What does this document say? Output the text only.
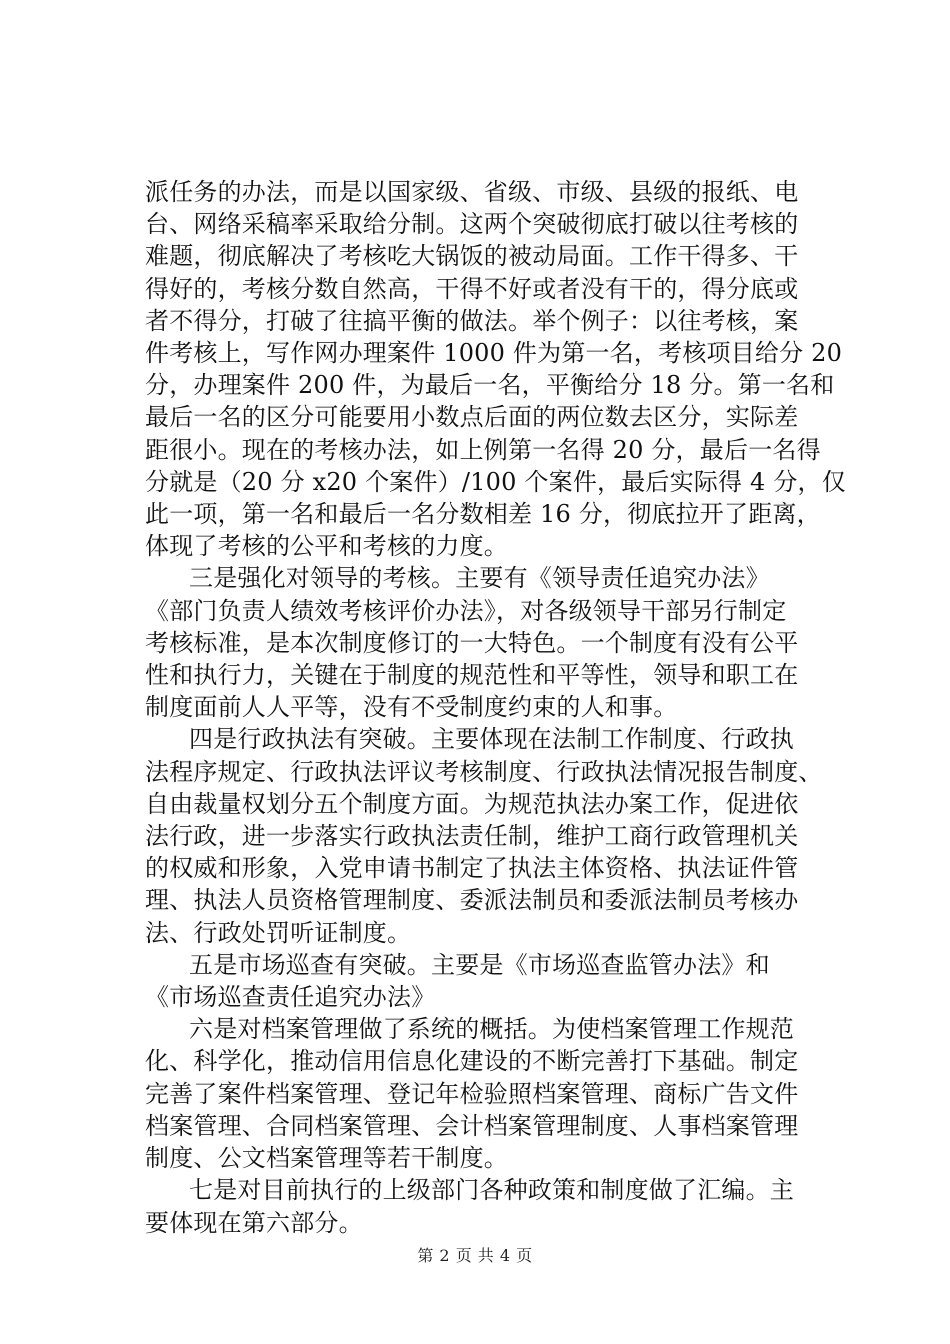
派任务的办法，而是以国家级、省级、市级、县级的报纸、电
台、网络采稿率采取给分制。这两个突破彻底打破以往考核的
难题，彻底解决了考核吃大锅饭的被动局面。工作干得多、干
得好的，考核分数自然高，干得不好或者没有干的，得分底或
者不得分，打破了往搞平衡的做法。举个例子：以往考核，案
件考核上，写作网办理案件 1000 件为第一名，考核项目给分 20
分，办理案件 200 件，为最后一名，平衡给分 18 分。第一名和
最后一名的区分可能要用小数点后面的两位数去区分，实际差
距很小。现在的考核办法，如上例第一名得 20 分，最后一名得
分就是（20 分 x20 个案件）/100 个案件，最后实际得 4 分，仅
此一项，第一名和最后一名分数相差 16 分，彻底拉开了距离，
体现了考核的公平和考核的力度。
三是强化对领导的考核。主要有《领导责任追究办法》
《部门负责人绩效考核评价办法》，对各级领导干部另行制定
考核标准，是本次制度修订的一大特色。一个制度有没有公平
性和执行力，关键在于制度的规范性和平等性，领导和职工在
制度面前人人平等，没有不受制度约束的人和事。
四是行政执法有突破。主要体现在法制工作制度、行政执
法程序规定、行政执法评议考核制度、行政执法情况报告制度、
自由裁量权划分五个制度方面。为规范执法办案工作，促进依
法行政，进一步落实行政执法责任制，维护工商行政管理机关
的权威和形象，入党申请书制定了执法主体资格、执法证件管
理、执法人员资格管理制度、委派法制员和委派法制员考核办
法、行政处罚听证制度。
五是市场巡查有突破。主要是《市场巡查监管办法》和
《市场巡查责任追究办法》
六是对档案管理做了系统的概括。为使档案管理工作规范
化、科学化，推动信用信息化建设的不断完善打下基础。制定
完善了案件档案管理、登记年检验照档案管理、商标广告文件
档案管理、合同档案管理、会计档案管理制度、人事档案管理
制度、公文档案管理等若干制度。
七是对目前执行的上级部门各种政策和制度做了汇编。主
要体现在第六部分。
第 2 页 共 4 页
